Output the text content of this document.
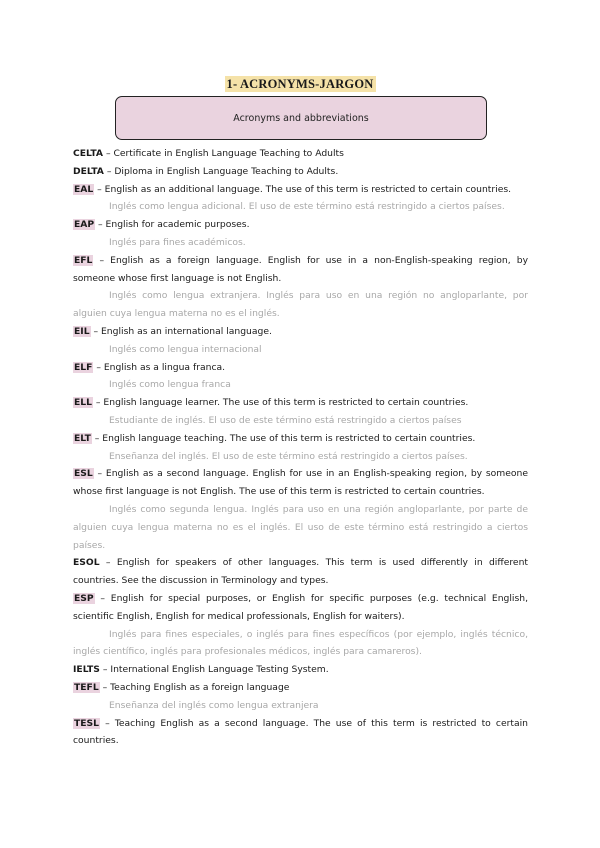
1- ACRONYMS-JARGON
Acronyms and abbreviations

CELTA – Certificate in English Language Teaching to Adults

DELTA – Diploma in English Language Teaching to Adults.

EAL – English as an additional language. The use of this term is restricted to certain countries.

Inglés como lengua adicional. El uso de este término está restringido a ciertos países.

EAP – English for academic purposes.

Inglés para fines académicos.

EFL – English as a foreign language. English for use in a non-English-speaking region, by someone whose first language is not English.

Inglés como lengua extranjera. Inglés para uso en una región no angloparlante, por alguien cuya lengua materna no es el inglés.

EIL – English as an international language.

Inglés como lengua internacional

ELF – English as a lingua franca.

Inglés como lengua franca

ELL – English language learner. The use of this term is restricted to certain countries.

Estudiante de inglés. El uso de este término está restringido a ciertos países

ELT – English language teaching. The use of this term is restricted to certain countries.

Enseñanza del inglés. El uso de este término está restringido a ciertos países.

ESL – English as a second language. English for use in an English-speaking region, by someone whose first language is not English. The use of this term is restricted to certain countries.

Inglés como segunda lengua. Inglés para uso en una región angloparlante, por parte de alguien cuya lengua materna no es el inglés. El uso de este término está restringido a ciertos países.

ESOL – English for speakers of other languages. This term is used differently in different countries. See the discussion in Terminology and types.

ESP – English for special purposes, or English for specific purposes (e.g. technical English, scientific English, English for medical professionals, English for waiters).

Inglés para fines especiales, o inglés para fines específicos (por ejemplo, inglés técnico, inglés científico, inglés para profesionales médicos, inglés para camareros).

IELTS – International English Language Testing System.

TEFL – Teaching English as a foreign language

Enseñanza del inglés como lengua extranjera

TESL – Teaching English as a second language. The use of this term is restricted to certain countries.
